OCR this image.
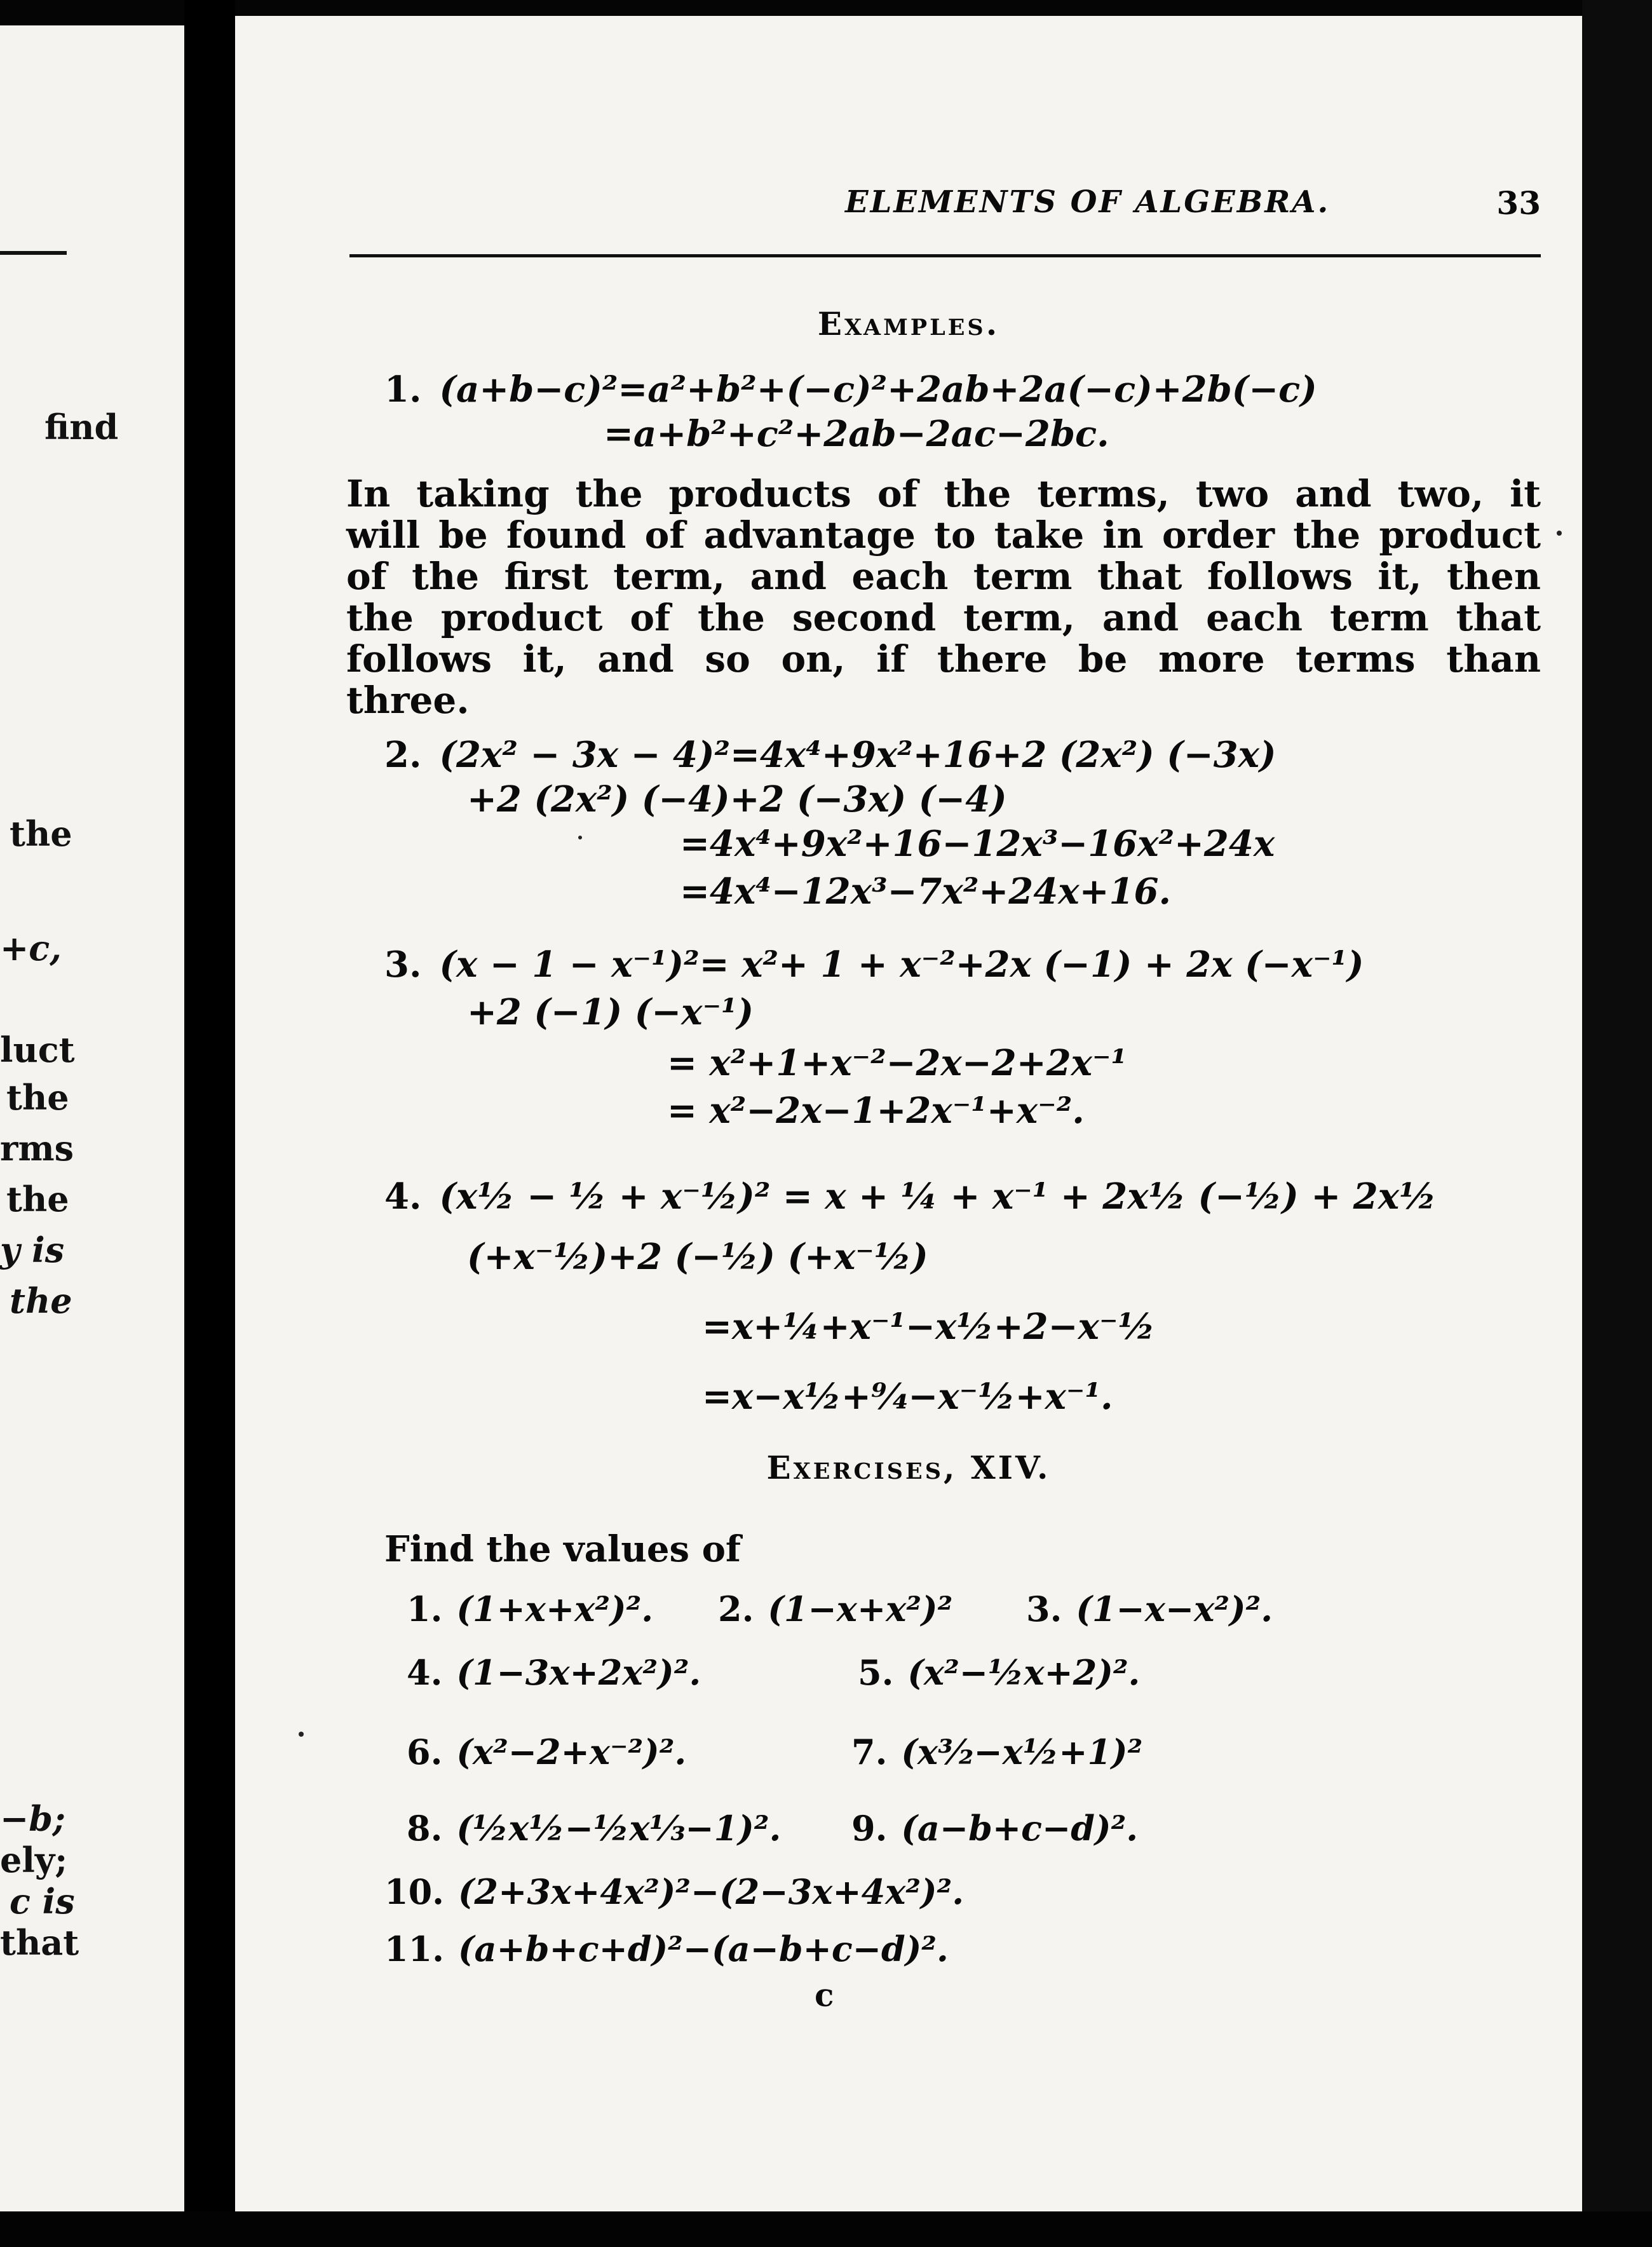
find
the
+c,
luct
the
rms
the
y is
the
−b;
ely;
c is
that
ELEMENTS OF ALGEBRA.	33
Examples.
1. (a+b−c)²=a²+b²+(−c)²+2ab+2a(−c)+2b(−c)
=a+b²+c²+2ab−2ac−2bc.
In taking the products of the terms, two and two, it
will be found of advantage to take in order the product
of the first term, and each term that follows it, then
the product of the second term, and each term that
follows it, and so on, if there be more terms than
three.
2. (2x² − 3x − 4)²=4x⁴+9x²+16+2 (2x²) (−3x)
+2 (2x²) (−4)+2 (−3x) (−4)
=4x⁴+9x²+16−12x³−16x²+24x
=4x⁴−12x³−7x²+24x+16.
3. (x − 1 − x⁻¹)²= x²+ 1 + x⁻²+2x (−1) + 2x (−x⁻¹)
+2 (−1) (−x⁻¹)
= x²+1+x⁻²−2x−2+2x⁻¹
= x²−2x−1+2x⁻¹+x⁻².
4. (x½ − ½ + x⁻½)² = x + ¼ + x⁻¹ + 2x½ (−½) + 2x½
(+x⁻½)+2 (−½) (+x⁻½)
=x+¼+x⁻¹−x½+2−x⁻½
=x−x½+⁹⁄₄−x⁻½+x⁻¹.
Exercises, XIV.
Find the values of
1. (1+x+x²)². 2. (1−x+x²)² 3. (1−x−x²)².
4. (1−3x+2x²)².	5. (x²−½x+2)².
6. (x²−2+x⁻²)².	7. (x³⁄₂−x½+1)²
8. (½x½−½x⅓−1)². 9. (a−b+c−d)².
10. (2+3x+4x²)²−(2−3x+4x²)².
11. (a+b+c+d)²−(a−b+c−d)².
c
